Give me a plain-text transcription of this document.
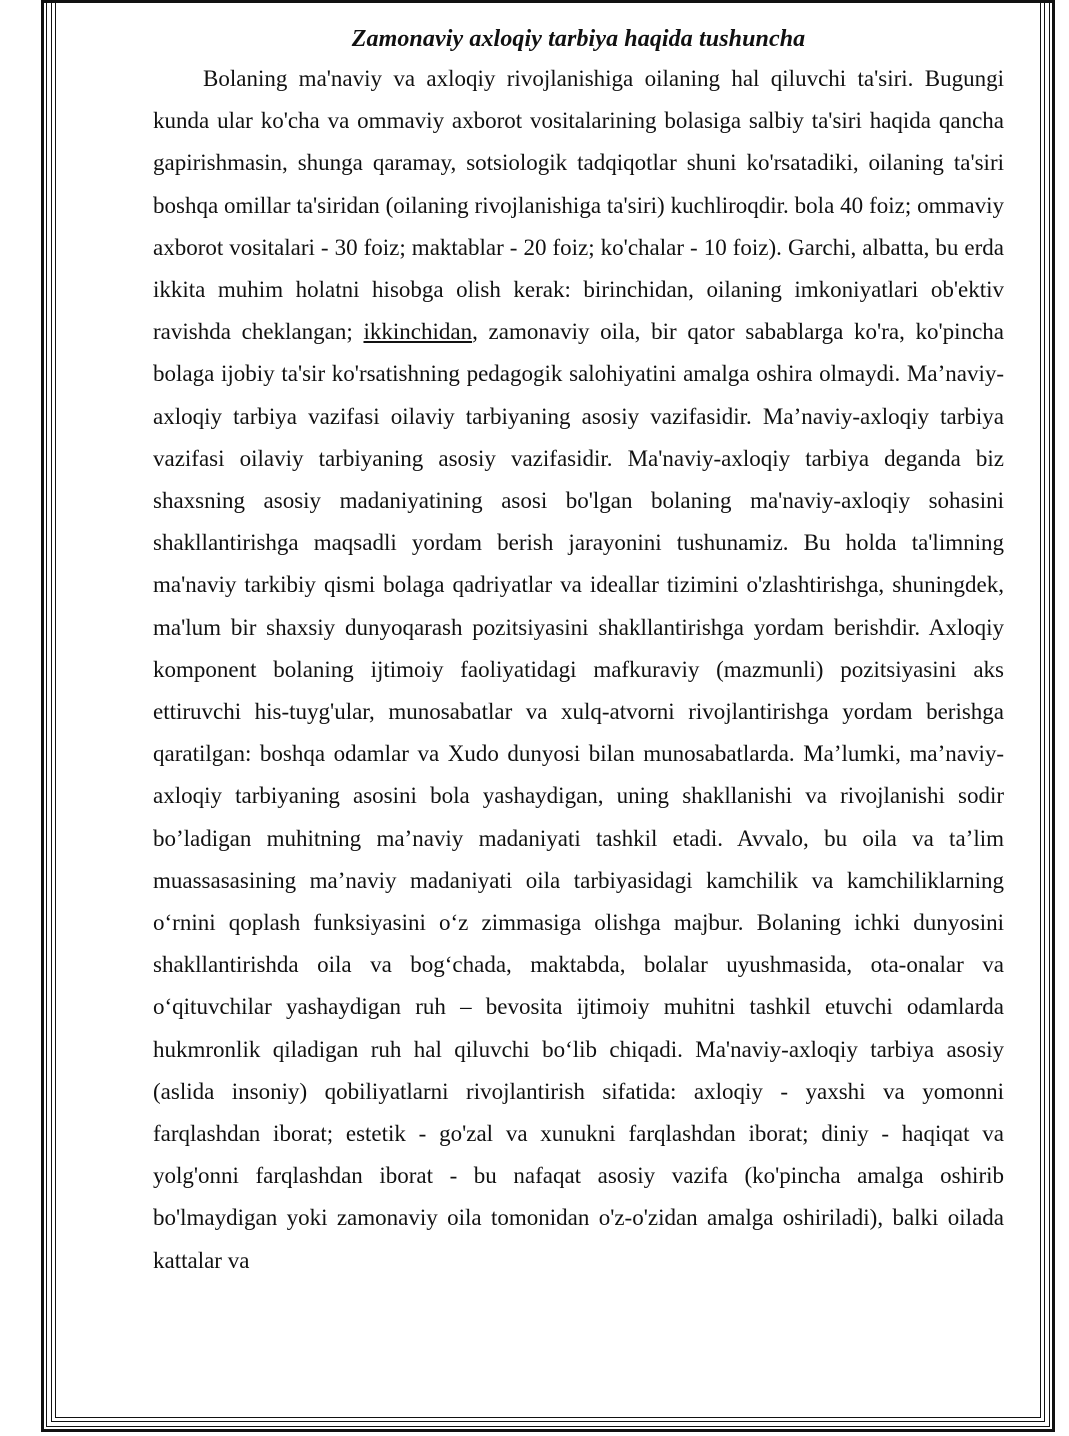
Zamonaviy axloqiy tarbiya haqida tushuncha

Bolaning ma'naviy va axloqiy rivojlanishiga oilaning hal qiluvchi ta'siri. Bugungi kunda ular ko'cha va ommaviy axborot vositalarining bolasiga salbiy ta'siri haqida qancha gapirishmasin, shunga qaramay, sotsiologik tadqiqotlar shuni ko'rsatadiki, oilaning ta'siri boshqa omillar ta'siridan (oilaning rivojlanishiga ta'siri) kuchliroqdir. bola 40 foiz; ommaviy axborot vositalari - 30 foiz; maktablar - 20 foiz; ko'chalar - 10 foiz). Garchi, albatta, bu erda ikkita muhim holatni hisobga olish kerak: birinchidan, oilaning imkoniyatlari ob'ektiv ravishda cheklangan; ikkinchidan, zamonaviy oila, bir qator sabablarga ko'ra, ko'pincha bolaga ijobiy ta'sir ko'rsatishning pedagogik salohiyatini amalga oshira olmaydi. Ma’naviy-axloqiy tarbiya vazifasi oilaviy tarbiyaning asosiy vazifasidir. Ma’naviy-axloqiy tarbiya vazifasi oilaviy tarbiyaning asosiy vazifasidir. Ma'naviy-axloqiy tarbiya deganda biz shaxsning asosiy madaniyatining asosi bo'lgan bolaning ma'naviy-axloqiy sohasini shakllantirishga maqsadli yordam berish jarayonini tushunamiz. Bu holda ta'limning ma'naviy tarkibiy qismi bolaga qadriyatlar va ideallar tizimini o'zlashtirishga, shuningdek, ma'lum bir shaxsiy dunyoqarash pozitsiyasini shakllantirishga yordam berishdir. Axloqiy komponent bolaning ijtimoiy faoliyatidagi mafkuraviy (mazmunli) pozitsiyasini aks ettiruvchi his-tuyg'ular, munosabatlar va xulq-atvorni rivojlantirishga yordam berishga qaratilgan: boshqa odamlar va Xudo dunyosi bilan munosabatlarda. Ma’lumki, ma’naviy-axloqiy tarbiyaning asosini bola yashaydigan, uning shakllanishi va rivojlanishi sodir bo’ladigan muhitning ma’naviy madaniyati tashkil etadi. Avvalo, bu oila va ta’lim muassasasining ma’naviy madaniyati oila tarbiyasidagi kamchilik va kamchiliklarning o‘rnini qoplash funksiyasini o‘z zimmasiga olishga majbur. Bolaning ichki dunyosini shakllantirishda oila va bog‘chada, maktabda, bolalar uyushmasida, ota-onalar va o‘qituvchilar yashaydigan ruh – bevosita ijtimoiy muhitni tashkil etuvchi odamlarda hukmronlik qiladigan ruh hal qiluvchi bo‘lib chiqadi. Ma'naviy-axloqiy tarbiya asosiy (aslida insoniy) qobiliyatlarni rivojlantirish sifatida: axloqiy - yaxshi va yomonni farqlashdan iborat; estetik - go'zal va xunukni farqlashdan iborat; diniy - haqiqat va yolg'onni farqlashdan iborat - bu nafaqat asosiy vazifa (ko'pincha amalga oshirib bo'lmaydigan yoki zamonaviy oila tomonidan o'z-o'zidan amalga oshiriladi), balki oilada kattalar va
